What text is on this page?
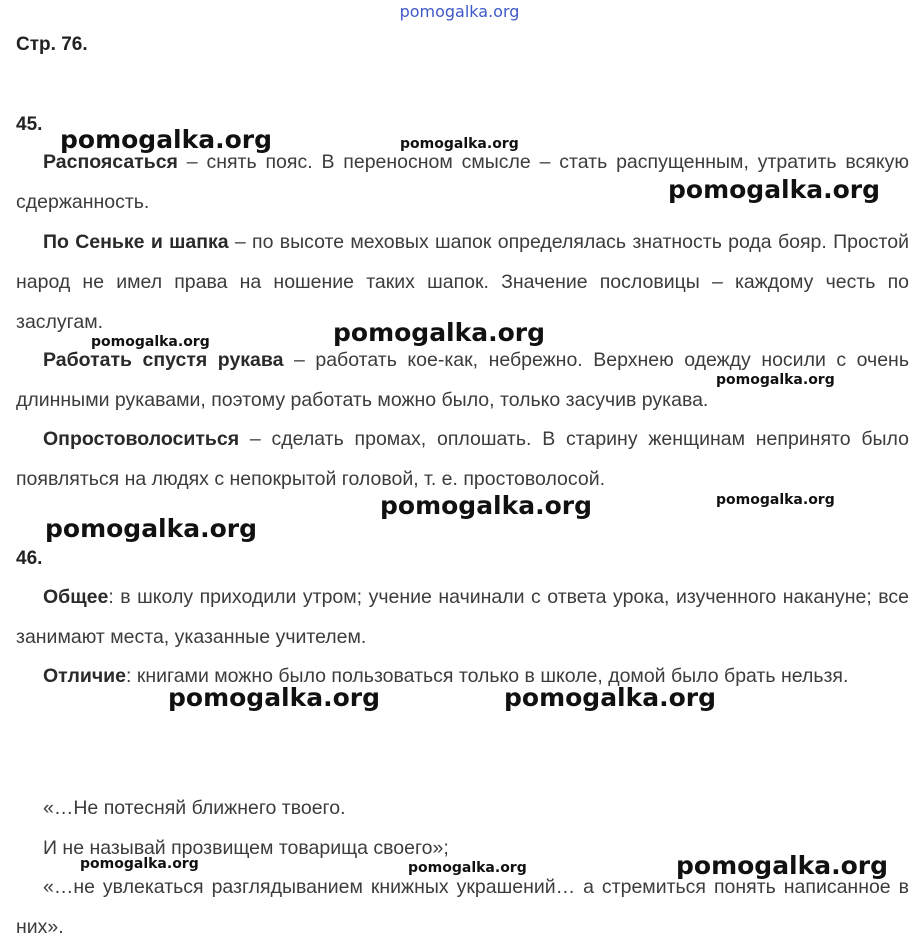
pomogalka.org
Стр. 76.
45.
Распоясаться – снять пояс. В переносном смысле – стать распущенным, утратить всякую сдержанность.
По Сеньке и шапка – по высоте меховых шапок определялась знатность рода бояр. Простой народ не имел права на ношение таких шапок. Значение пословицы – каждому честь по заслугам.
Работать спустя рукава – работать кое-как, небрежно. Верхнею одежду носили с очень длинными рукавами, поэтому работать можно было, только засучив рукава.
Опростоволоситься – сделать промах, оплошать. В старину женщинам непринято было появляться на людях с непокрытой головой, т. е. простоволосой.
46.
Общее: в школу приходили утром; учение начинали с ответа урока, изученного накануне; все занимают места, указанные учителем.
Отличие: книгами можно было пользоваться только в школе, домой было брать нельзя.
«…Не потесняй ближнего твоего.
И не называй прозвищем товарища своего»;
«…не увлекаться разглядыванием книжных украшений… а стремиться понять написанное в них».
pomogalka.org	pomogalka.org
pomogalka.org
pomogalka.org	pomogalka.org
pomogalka.org
pomogalka.org	pomogalka.org
pomogalka.org
pomogalka.org	pomogalka.org
pomogalka.org	pomogalka.org	pomogalka.org
